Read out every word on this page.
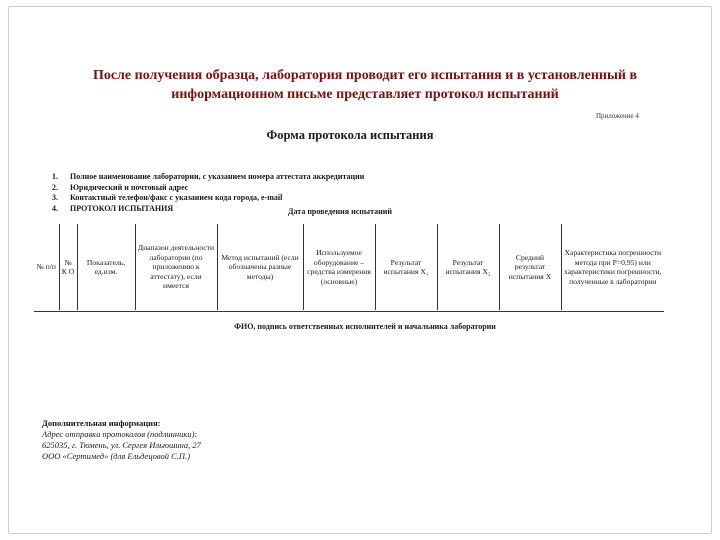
После получения образца, лаборатория проводит его испытания и в установленный в информационном письме представляет протокол испытаний
Приложение 4
Форма протокола испытания
1. Полное наименование лаборатории, с указанием номера аттестата аккредитации
2. Юридический и почтовый адрес
3. Контактный телефон/факс с указанием кода города, e-mail
4. ПРОТОКОЛ ИСПЫТАНИЯ	Дата проведения испытаний
№ п/п	№ К О	Показатель, ед.изм.	Диапазон деятельности лаборатории (по приложению к аттестату), если имеется	Метод испытаний (если обозначены разные методы)	Используемое оборудование – средства измерения (основные)	Результат испытания X₁	Результат испытания X₂	Средний результат испытания X	Характеристика погрешности метода при P=0,95) или характеристики погрешности, полученные в лаборатории
ФИО, подпись ответственных исполнителей и начальника лаборатории
Дополнительная информация:
Адрес отправки протоколов (подлинники):
625035, г. Тюмень, ул. Сергея Ильюшина, 27
ООО «Сертимед» (для Ельдецовой С.П.)
